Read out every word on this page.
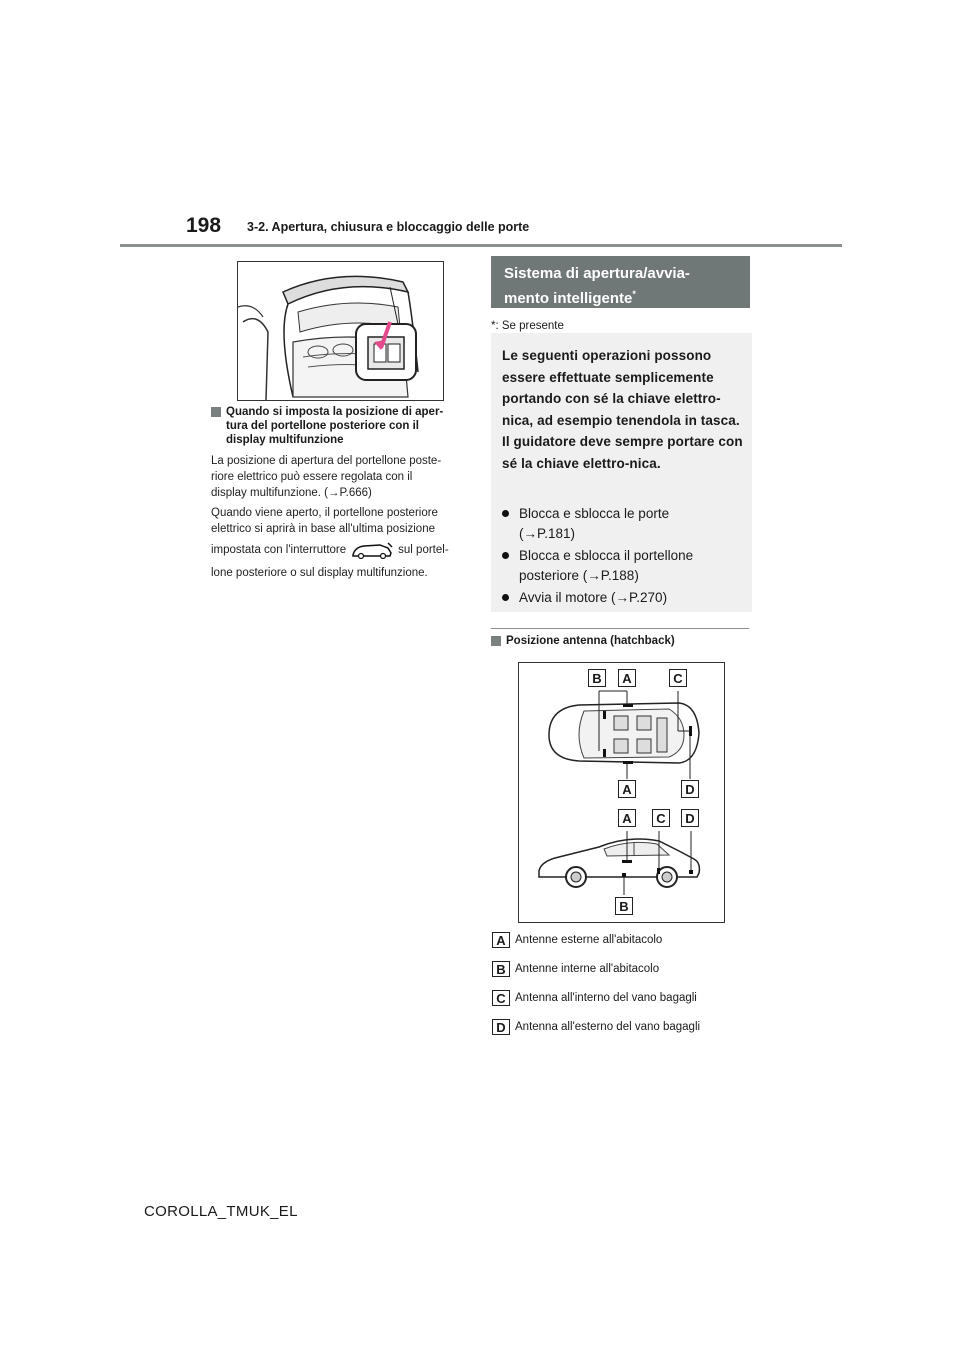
198 3-2. Apertura, chiusura e bloccaggio delle porte
Quando si imposta la posizione di aper-
tura del portellone posteriore con il
display multifunzione
La posizione di apertura del portellone poste-
riore elettrico può essere regolata con il
display multifunzione. (→P.666)
Quando viene aperto, il portellone posteriore
elettrico si aprirà in base all'ultima posizione
impostata con l'interruttore	sul portel-
lone posteriore o sul display multifunzione.
Sistema di apertura/avvia-
mento intelligente*
*: Se presente
Le seguenti operazioni possono essere effettuate semplicemente portando con sé la chiave elettro-nica, ad esempio tenendola in tasca. Il guidatore deve sempre portare con sé la chiave elettro-nica.
Blocca e sblocca le porte
(→P.181)
Blocca e sblocca il portellone
posteriore (→P.188)
Avvia il motore (→P.270)
Posizione antenna (hatchback)
B	A	C
A	D
A	C	D
B
A Antenne esterne all'abitacolo
B Antenne interne all'abitacolo
C Antenna all'interno del vano bagagli
D Antenna all'esterno del vano bagagli
COROLLA_TMUK_EL
